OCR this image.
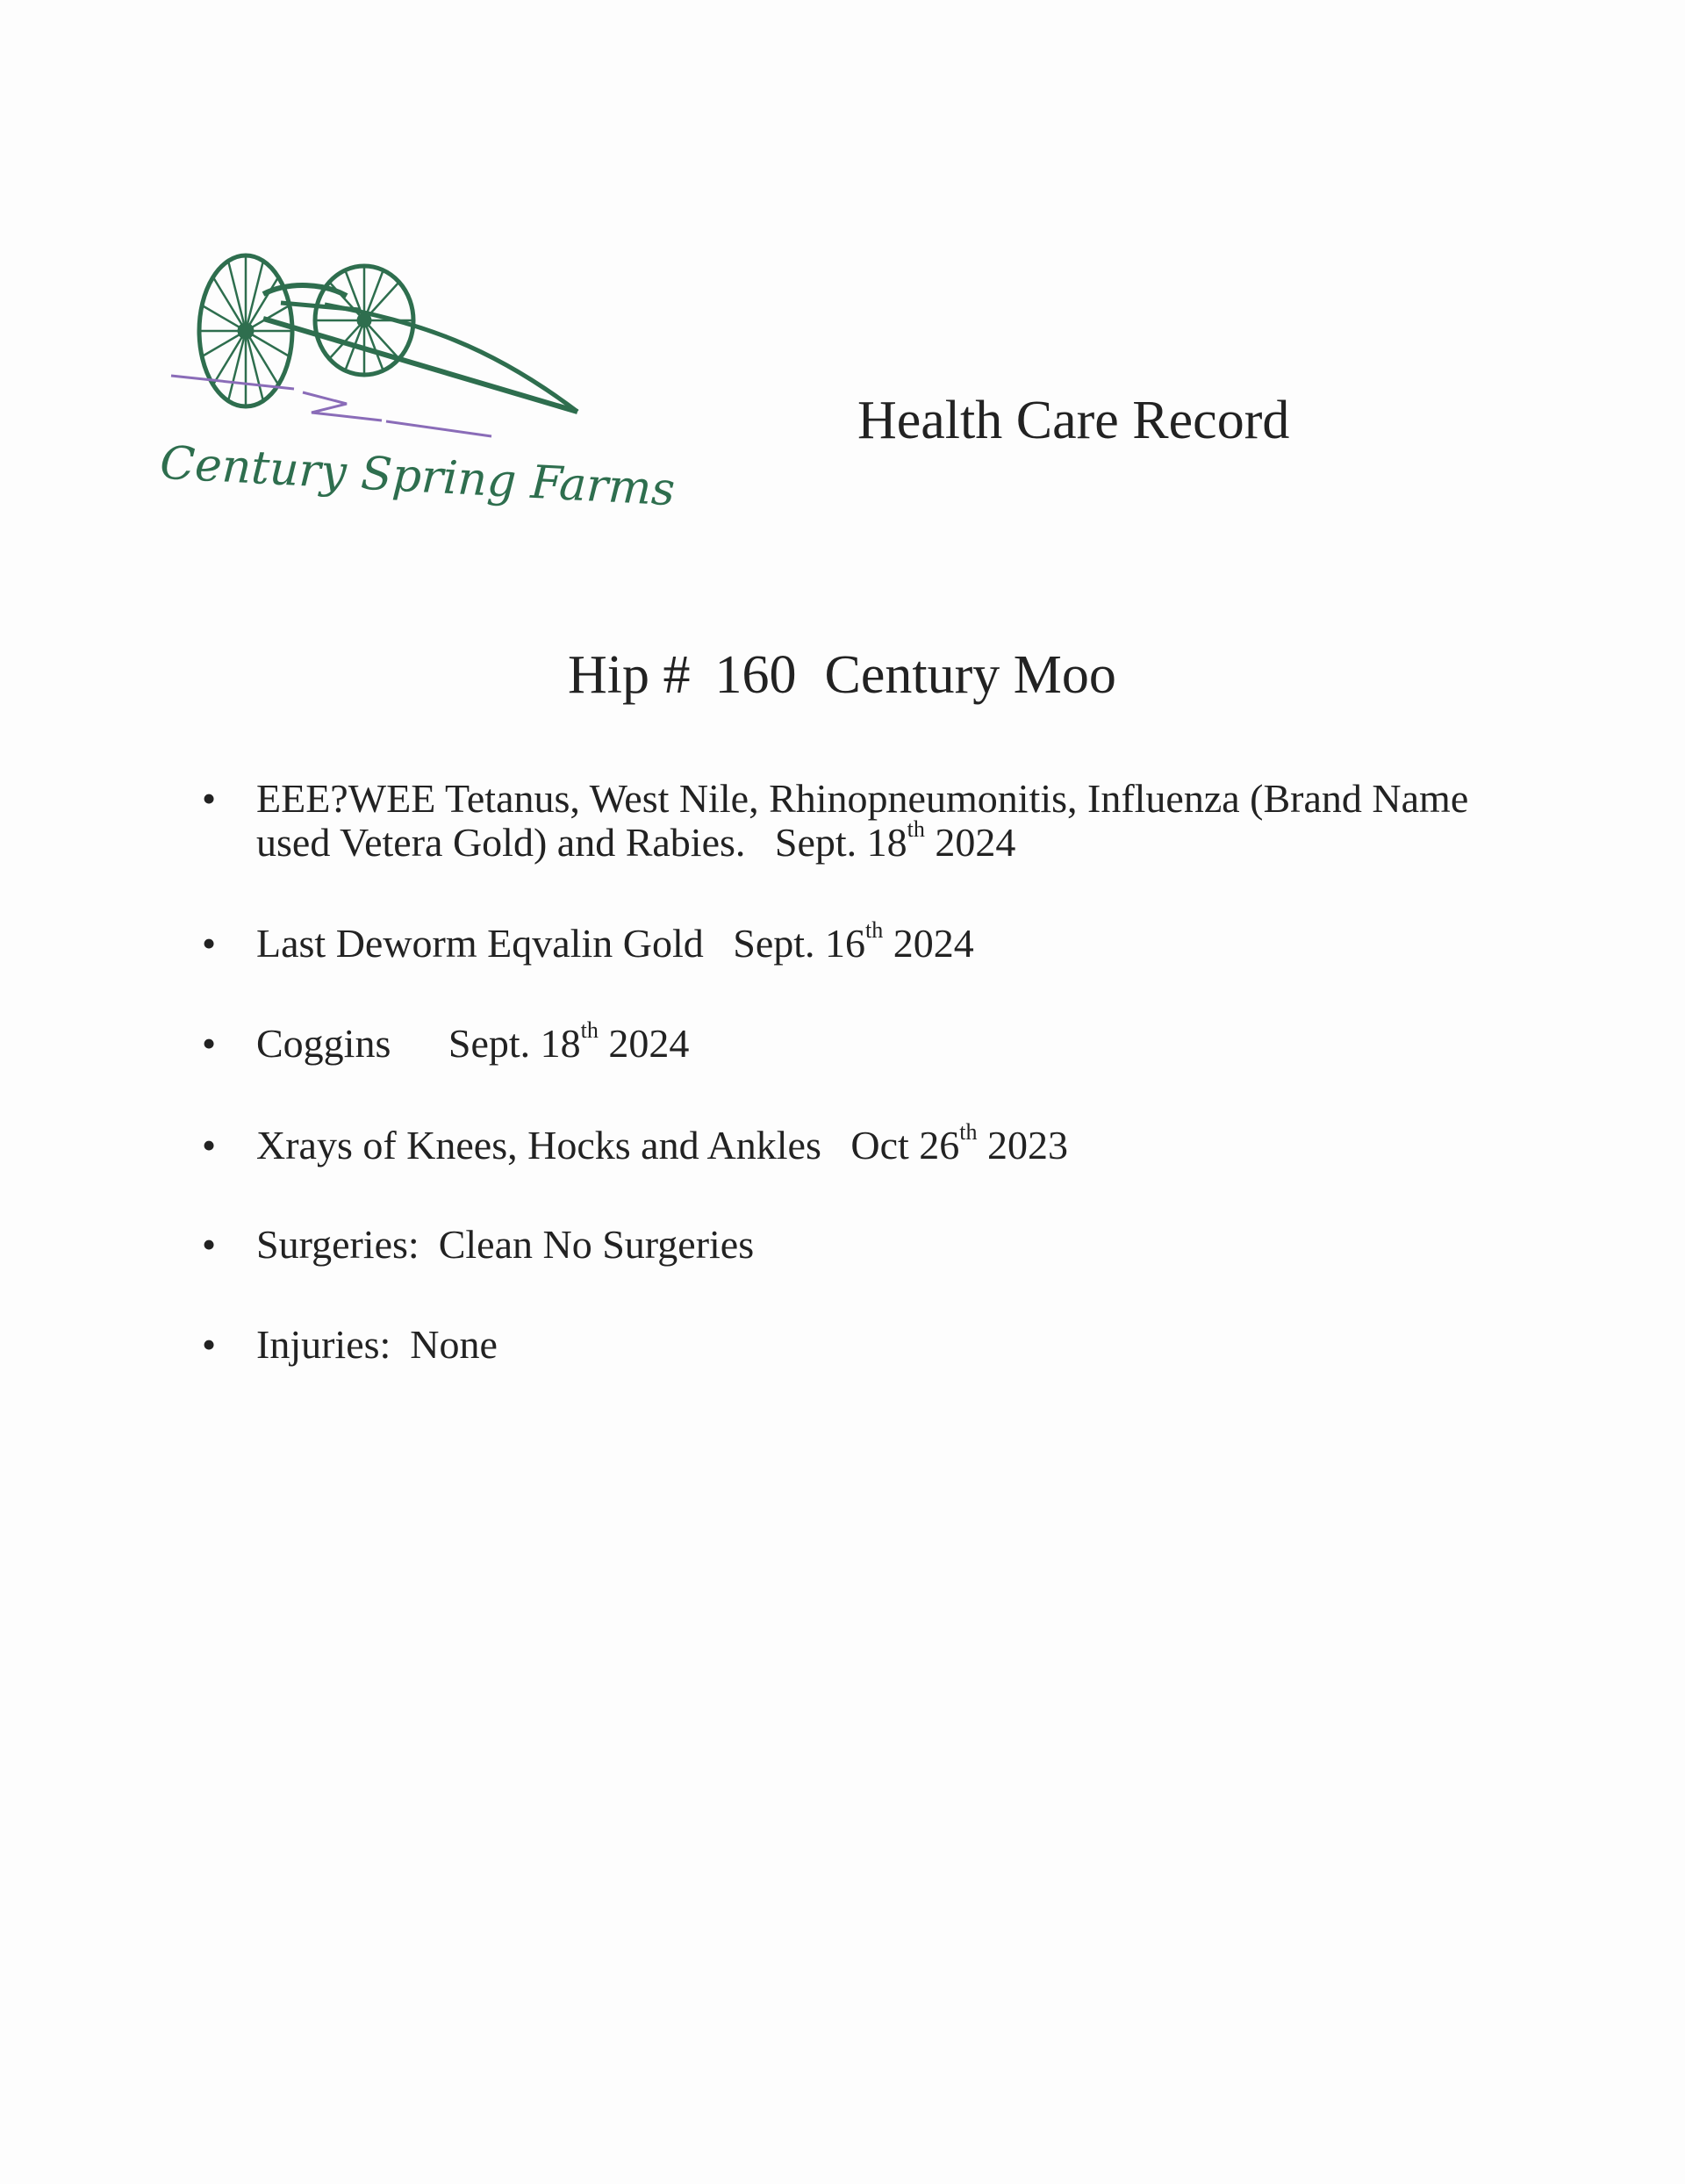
Century Spring Farms
Health Care Record
Hip # 160 Century Moo
• EEE?WEE Tetanus, West Nile, Rhinopneumonitis, Influenza (Brand Name used Vetera Gold) and Rabies. Sept. 18th 2024
• Last Deworm Eqvalin Gold Sept. 16th 2024
• Coggins Sept. 18th 2024
• Xrays of Knees, Hocks and Ankles Oct 26th 2023
• Surgeries: Clean No Surgeries
• Injuries: None
